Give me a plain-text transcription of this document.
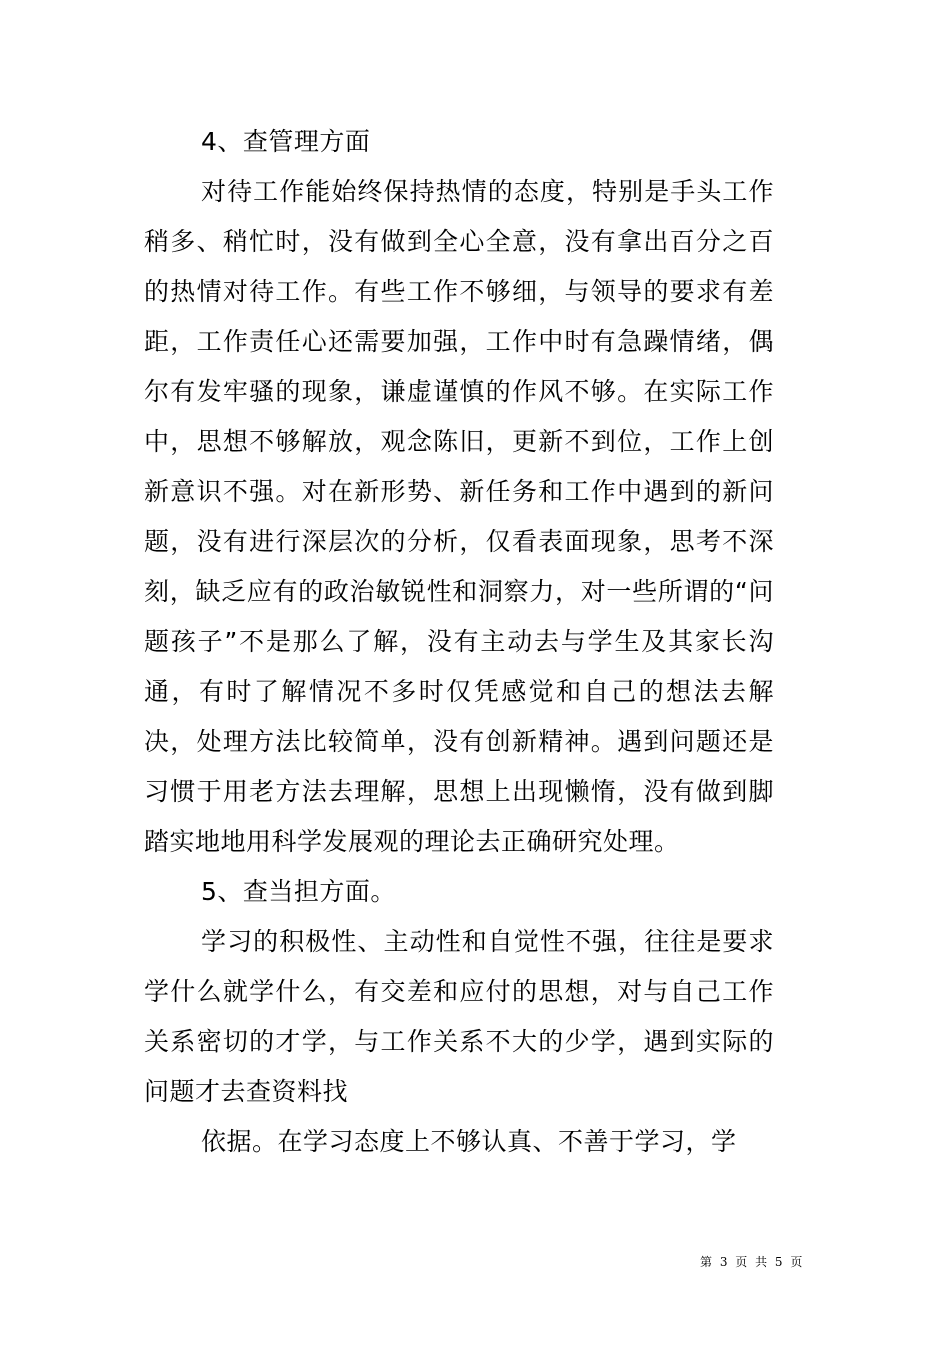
4、查管理方面

对待工作能始终保持热情的态度，特别是手头工作稍多、稍忙时，没有做到全心全意，没有拿出百分之百的热情对待工作。有些工作不够细，与领导的要求有差距，工作责任心还需要加强，工作中时有急躁情绪，偶尔有发牢骚的现象，谦虚谨慎的作风不够。在实际工作中，思想不够解放，观念陈旧，更新不到位，工作上创新意识不强。对在新形势、新任务和工作中遇到的新问题，没有进行深层次的分析，仅看表面现象，思考不深刻，缺乏应有的政治敏锐性和洞察力，对一些所谓的“问题孩子”不是那么了解，没有主动去与学生及其家长沟通，有时了解情况不多时仅凭感觉和自己的想法去解决，处理方法比较简单，没有创新精神。遇到问题还是习惯于用老方法去理解，思想上出现懒惰，没有做到脚踏实地地用科学发展观的理论去正确研究处理。

5、查当担方面。

学习的积极性、主动性和自觉性不强，往往是要求学什么就学什么，有交差和应付的思想，对与自己工作关系密切的才学，与工作关系不大的少学，遇到实际的问题才去查资料找

依据。在学习态度上不够认真、不善于学习，学

第 3 页 共 5 页
